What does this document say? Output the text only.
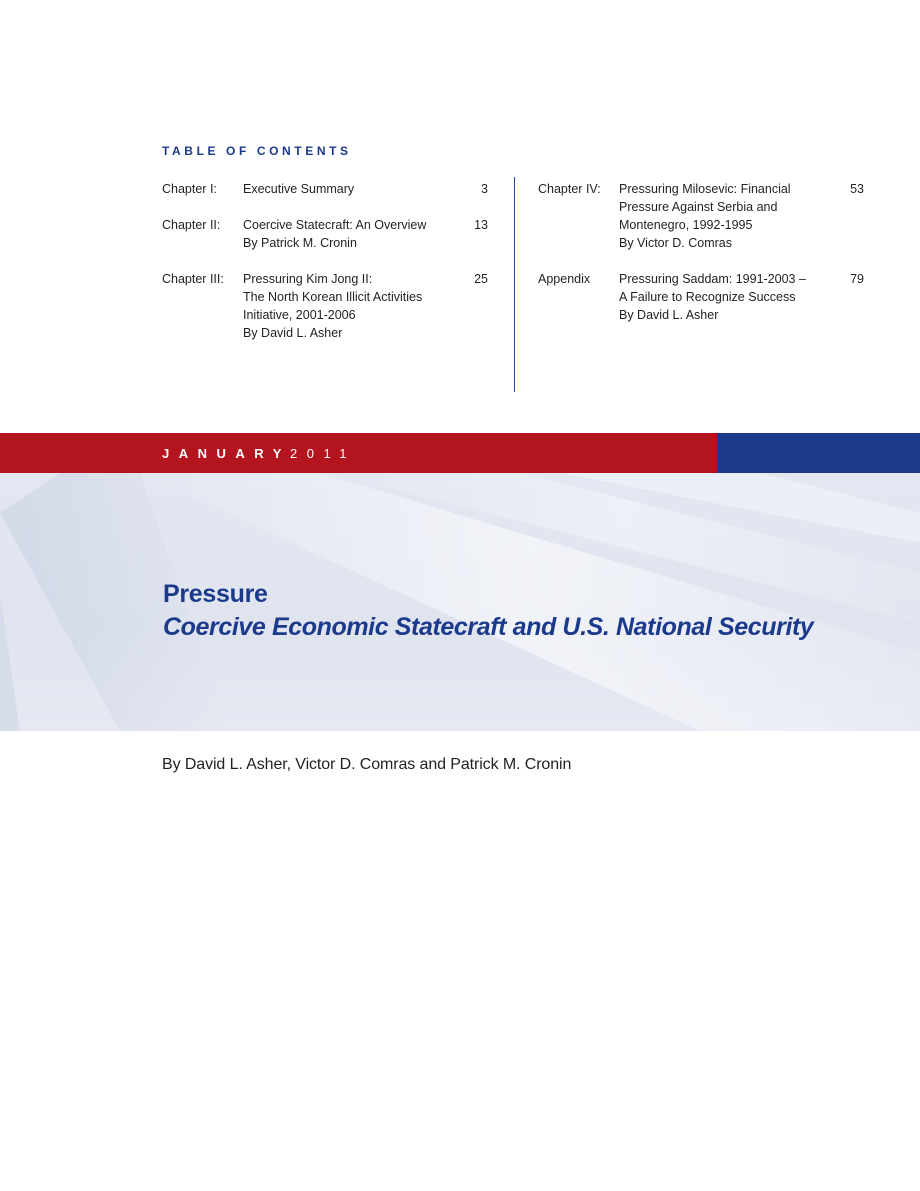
TABLE OF CONTENTS
Chapter I: Executive Summary	3
Chapter II: Coercive Statecraft: An Overview
By Patrick M. Cronin
13
Chapter III: Pressuring Kim Jong II:
The North Korean Illicit Activities
Initiative, 2001-2006
By David L. Asher
25
Chapter IV: Pressuring Milosevic: Financial
Pressure Against Serbia and
Montenegro, 1992-1995
By Victor D. Comras
53
Appendix Pressuring Saddam: 1991-2003 –
A Failure to Recognize Success
By David L. Asher
79
JANUARY 2011
Pressure
Coercive Economic Statecraft and U.S. National Security

By David L. Asher, Victor D. Comras and Patrick M. Cronin
